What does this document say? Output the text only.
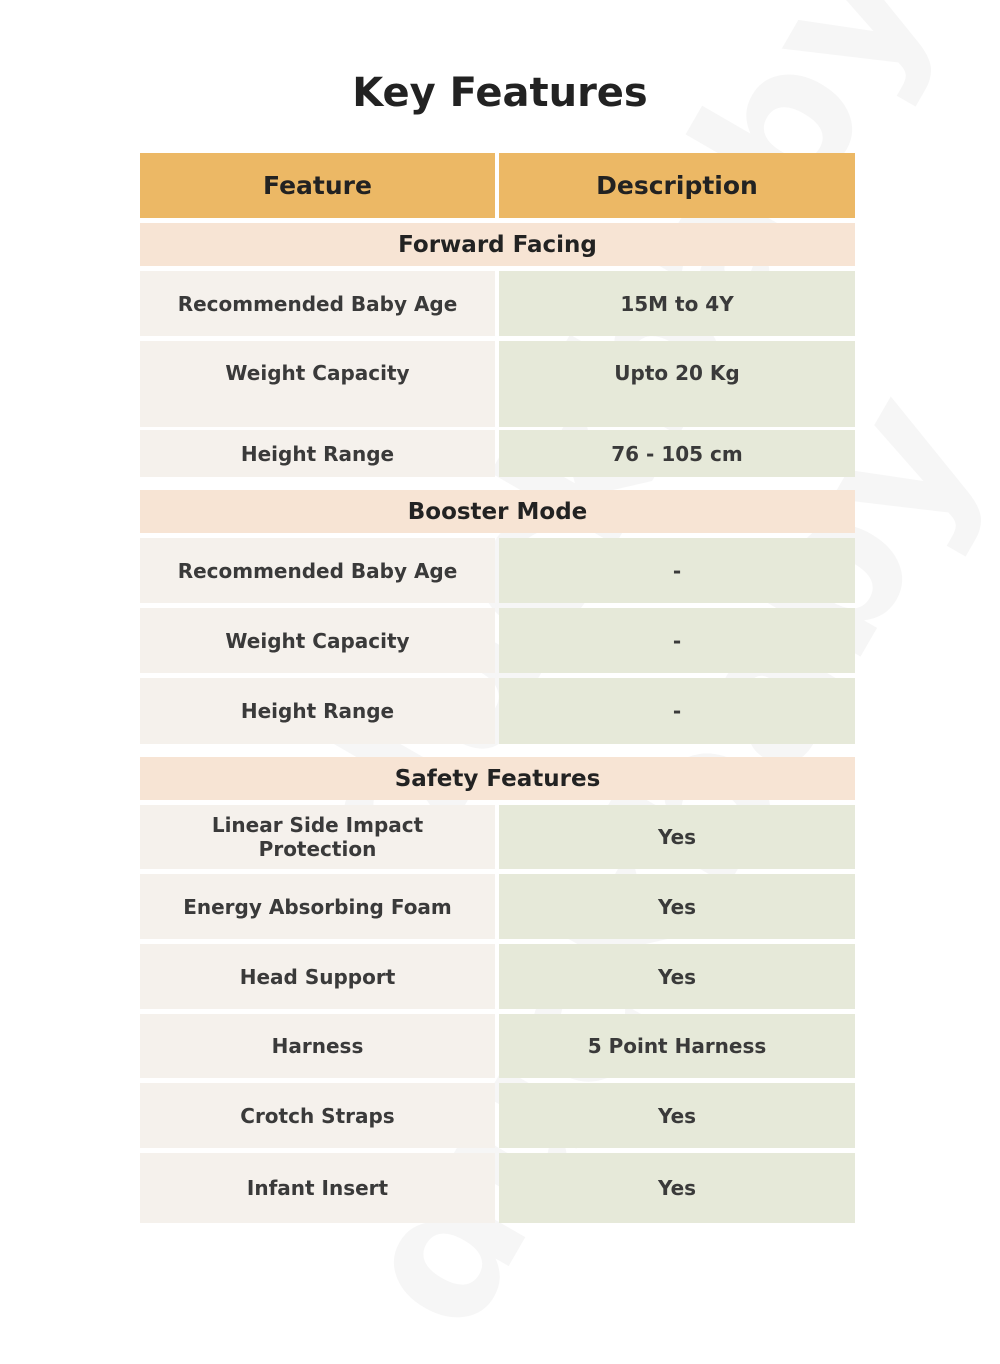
Key Features
Feature	Description
Forward Facing
Recommended Baby Age	15M to 4Y
Weight Capacity	Upto 20 Kg
Height Range	76 - 105 cm
Booster Mode
Recommended Baby Age	-
Weight Capacity	-
Height Range	-
Safety Features
Linear Side Impact Protection	Yes
Energy Absorbing Foam	Yes
Head Support	Yes
Harness	5 Point Harness
Crotch Straps	Yes
Infant Insert	Yes
